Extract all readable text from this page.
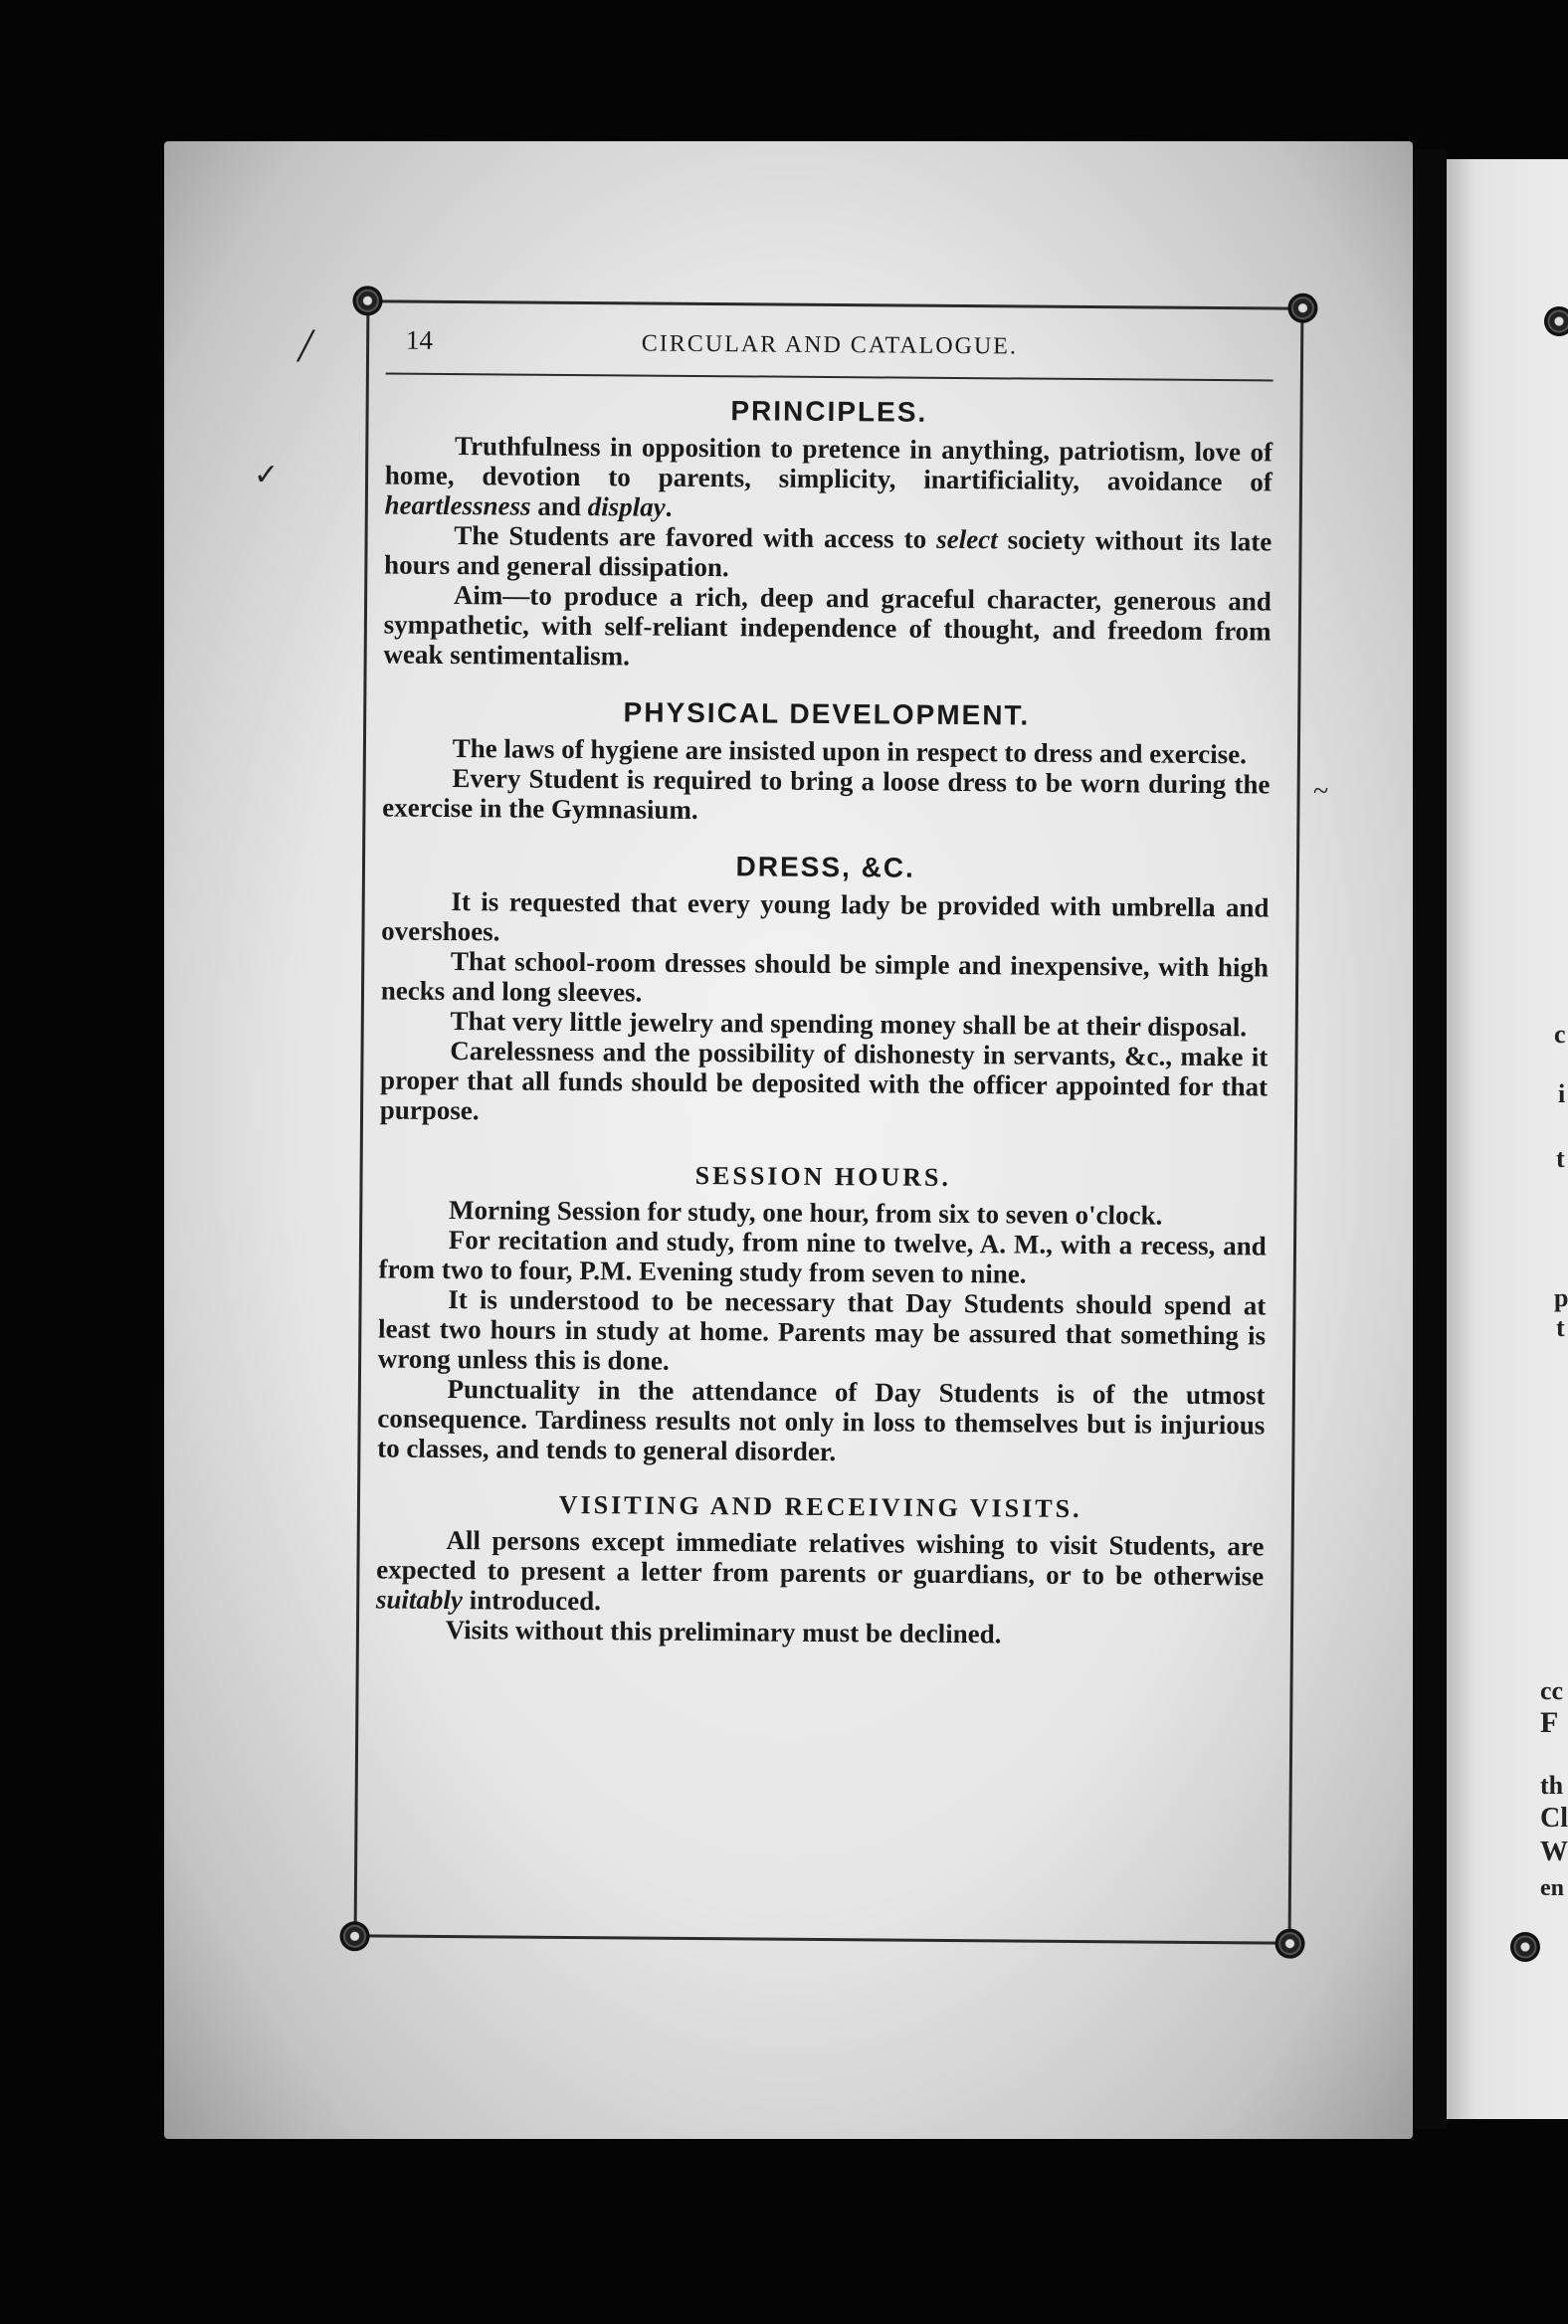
c
i
t
p
t
cc
F
th
Cl
W
en
/
✓
~
14	CIRCULAR AND CATALOGUE.
PRINCIPLES.

Truthfulness in opposition to pretence in anything, patriotism, love of home, devotion to parents, simplicity, inartificiality, avoidance of heartlessness and display.

The Students are favored with access to select society without its late hours and general dissipation.

Aim—to produce a rich, deep and graceful character, generous and sympathetic, with self-reliant independence of thought, and freedom from weak sentimentalism.

PHYSICAL DEVELOPMENT.

The laws of hygiene are insisted upon in respect to dress and exercise.

Every Student is required to bring a loose dress to be worn during the exercise in the Gymnasium.

DRESS, &C.

It is requested that every young lady be provided with umbrella and overshoes.

That school-room dresses should be simple and inexpensive, with high necks and long sleeves.

That very little jewelry and spending money shall be at their disposal.

Carelessness and the possibility of dishonesty in servants, &c., make it proper that all funds should be deposited with the officer appointed for that purpose.

SESSION HOURS.

Morning Session for study, one hour, from six to seven o'clock.

For recitation and study, from nine to twelve, A. M., with a recess, and from two to four, P.M. Evening study from seven to nine.

It is understood to be necessary that Day Students should spend at least two hours in study at home. Parents may be assured that something is wrong unless this is done.

Punctuality in the attendance of Day Students is of the utmost consequence. Tardiness results not only in loss to themselves but is injurious to classes, and tends to general disorder.

VISITING AND RECEIVING VISITS.

All persons except immediate relatives wishing to visit Students, are expected to present a letter from parents or guardians, or to be otherwise suitably introduced.

Visits without this preliminary must be declined.
